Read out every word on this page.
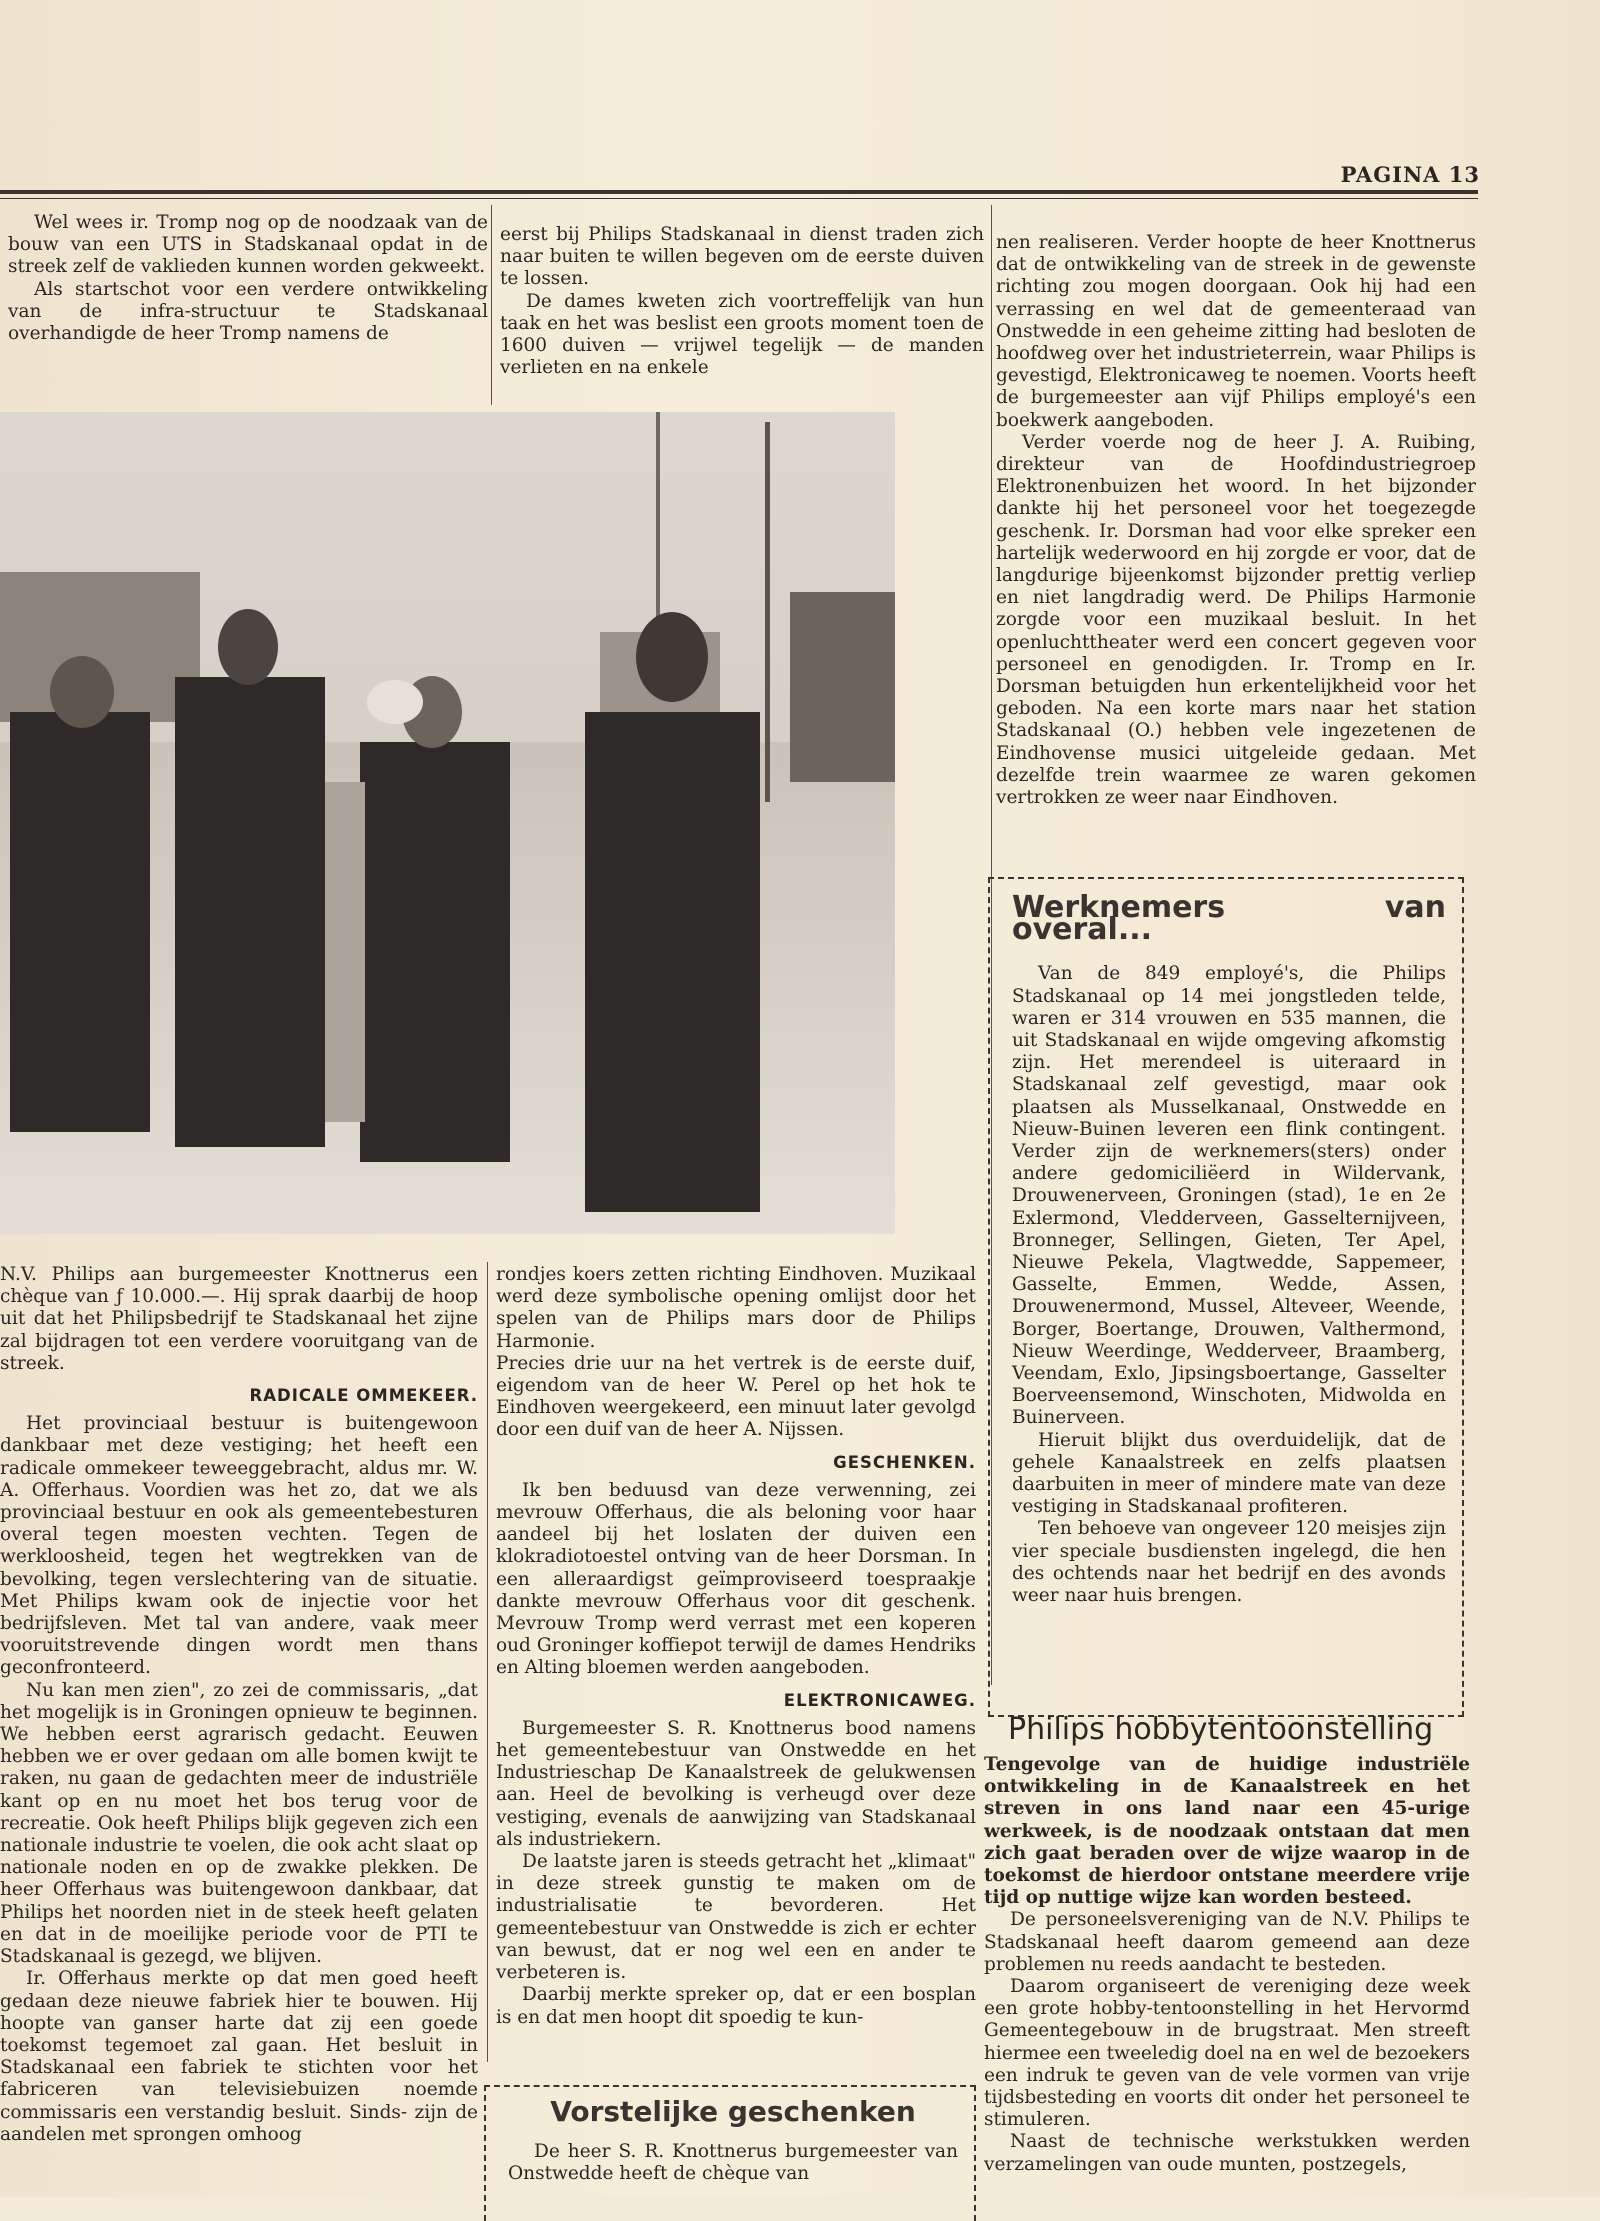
PAGINA 13

Wel wees ir. Tromp nog op de noodzaak van de bouw van een UTS in Stadskanaal opdat in de streek zelf de vaklieden kunnen worden gekweekt.

Als startschot voor een verdere ontwikkeling van de infra-structuur te Stadskanaal overhandigde de heer Tromp namens de

eerst bij Philips Stadskanaal in dienst traden zich naar buiten te willen begeven om de eerste duiven te lossen.

De dames kweten zich voortreffelijk van hun taak en het was beslist een groots moment toen de 1600 duiven — vrijwel tegelijk — de manden verlieten en na enkele

N.V. Philips aan burgemeester Knottnerus een chèque van ƒ 10.000.—. Hij sprak daarbij de hoop uit dat het Philipsbedrijf te Stadskanaal het zijne zal bijdragen tot een verdere vooruitgang van de streek.

RADICALE OMMEKEER.

Het provinciaal bestuur is buitengewoon dankbaar met deze vestiging; het heeft een radicale ommekeer teweeggebracht, aldus mr. W. A. Offerhaus. Voordien was het zo, dat we als provinciaal bestuur en ook als gemeentebesturen overal tegen moesten vechten. Tegen de werkloosheid, tegen het wegtrekken van de bevolking, tegen verslechtering van de situatie. Met Philips kwam ook de injectie voor het bedrijfsleven. Met tal van andere, vaak meer vooruitstrevende dingen wordt men thans geconfronteerd.

Nu kan men zien", zo zei de commissaris, „dat het mogelijk is in Groningen opnieuw te beginnen. We hebben eerst agrarisch gedacht. Eeuwen hebben we er over gedaan om alle bomen kwijt te raken, nu gaan de gedachten meer de industriële kant op en nu moet het bos terug voor de recreatie. Ook heeft Philips blijk gegeven zich een nationale industrie te voelen, die ook acht slaat op nationale noden en op de zwakke plekken. De heer Offerhaus was buitengewoon dankbaar, dat Philips het noorden niet in de steek heeft gelaten en dat in de moeilijke periode voor de PTI te Stadskanaal is gezegd, we blijven.

Ir. Offerhaus merkte op dat men goed heeft gedaan deze nieuwe fabriek hier te bouwen. Hij hoopte van ganser harte dat zij een goede toekomst tegemoet zal gaan. Het besluit in Stadskanaal een fabriek te stichten voor het fabriceren van televisiebuizen noemde commissaris een verstandig besluit. Sinds- zijn de aandelen met sprongen omhoog

rondjes koers zetten richting Eindhoven. Muzikaal werd deze symbolische opening omlijst door het spelen van de Philips mars door de Philips Harmonie.

Precies drie uur na het vertrek is de eerste duif, eigendom van de heer W. Perel op het hok te Eindhoven weergekeerd, een minuut later gevolgd door een duif van de heer A. Nijssen.

GESCHENKEN.

Ik ben beduusd van deze verwenning, zei mevrouw Offerhaus, die als beloning voor haar aandeel bij het loslaten der duiven een klokradiotoestel ontving van de heer Dorsman. In een alleraardigst geïmproviseerd toespraakje dankte mevrouw Offerhaus voor dit geschenk. Mevrouw Tromp werd verrast met een koperen oud Groninger koffiepot terwijl de dames Hendriks en Alting bloemen werden aangeboden.

ELEKTRONICAWEG.

Burgemeester S. R. Knottnerus bood namens het gemeentebestuur van Onstwedde en het Industrieschap De Kanaalstreek de gelukwensen aan. Heel de bevolking is verheugd over deze vestiging, evenals de aanwijzing van Stadskanaal als industriekern.

De laatste jaren is steeds getracht het „klimaat" in deze streek gunstig te maken om de industrialisatie te bevorderen. Het gemeentebestuur van Onstwedde is zich er echter van bewust, dat er nog wel een en ander te verbeteren is.

Daarbij merkte spreker op, dat er een bosplan is en dat men hoopt dit spoedig te kun-

Vorstelijke geschenken

De heer S. R. Knottnerus burgemeester van Onstwedde heeft de chèque van

nen realiseren. Verder hoopte de heer Knottnerus dat de ontwikkeling van de streek in de gewenste richting zou mogen doorgaan. Ook hij had een verrassing en wel dat de gemeenteraad van Onstwedde in een geheime zitting had besloten de hoofdweg over het industrieterrein, waar Philips is gevestigd, Elektronicaweg te noemen. Voorts heeft de burgemeester aan vijf Philips employé's een boekwerk aangeboden.

Verder voerde nog de heer J. A. Ruibing, direkteur van de Hoofdindustriegroep Elektronenbuizen het woord. In het bijzonder dankte hij het personeel voor het toegezegde geschenk. Ir. Dorsman had voor elke spreker een hartelijk wederwoord en hij zorgde er voor, dat de langdurige bijeenkomst bijzonder prettig verliep en niet langdradig werd. De Philips Harmonie zorgde voor een muzikaal besluit. In het openluchttheater werd een concert gegeven voor personeel en genodigden. Ir. Tromp en Ir. Dorsman betuigden hun erkentelijkheid voor het geboden. Na een korte mars naar het station Stadskanaal (O.) hebben vele ingezetenen de Eindhovense musici uitgeleide gedaan. Met dezelfde trein waarmee ze waren gekomen vertrokken ze weer naar Eindhoven.

Werknemers van overal...

Van de 849 employé's, die Philips Stadskanaal op 14 mei jongstleden telde, waren er 314 vrouwen en 535 mannen, die uit Stadskanaal en wijde omgeving afkomstig zijn. Het merendeel is uiteraard in Stadskanaal zelf gevestigd, maar ook plaatsen als Musselkanaal, Onstwedde en Nieuw-Buinen leveren een flink contingent. Verder zijn de werknemers(sters) onder andere gedomiciliëerd in Wildervank, Drouwenerveen, Groningen (stad), 1e en 2e Exlermond, Vledderveen, Gasselternijveen, Bronneger, Sellingen, Gieten, Ter Apel, Nieuwe Pekela, Vlagtwedde, Sappemeer, Gasselte, Emmen, Wedde, Assen, Drouwenermond, Mussel, Alteveer, Weende, Borger, Boertange, Drouwen, Valthermond, Nieuw Weerdinge, Wedderveer, Braamberg, Veendam, Exlo, Jipsingsboertange, Gasselter Boerveensemond, Winschoten, Midwolda en Buinerveen.

Hieruit blijkt dus overduidelijk, dat de gehele Kanaalstreek en zelfs plaatsen daarbuiten in meer of mindere mate van deze vestiging in Stadskanaal profiteren.

Ten behoeve van ongeveer 120 meisjes zijn vier speciale busdiensten ingelegd, die hen des ochtends naar het bedrijf en des avonds weer naar huis brengen.

Philips hobbytentoonstelling

Tengevolge van de huidige industriële ontwikkeling in de Kanaalstreek en het streven in ons land naar een 45-urige werkweek, is de noodzaak ontstaan dat men zich gaat beraden over de wijze waarop in de toekomst de hierdoor ontstane meerdere vrije tijd op nuttige wijze kan worden besteed.

De personeelsvereniging van de N.V. Philips te Stadskanaal heeft daarom gemeend aan deze problemen nu reeds aandacht te besteden.

Daarom organiseert de vereniging deze week een grote hobby-tentoonstelling in het Hervormd Gemeentegebouw in de brugstraat. Men streeft hiermee een tweeledig doel na en wel de bezoekers een indruk te geven van de vele vormen van vrije tijdsbesteding en voorts dit onder het personeel te stimuleren.

Naast de technische werkstukken werden verzamelingen van oude munten, postzegels,
